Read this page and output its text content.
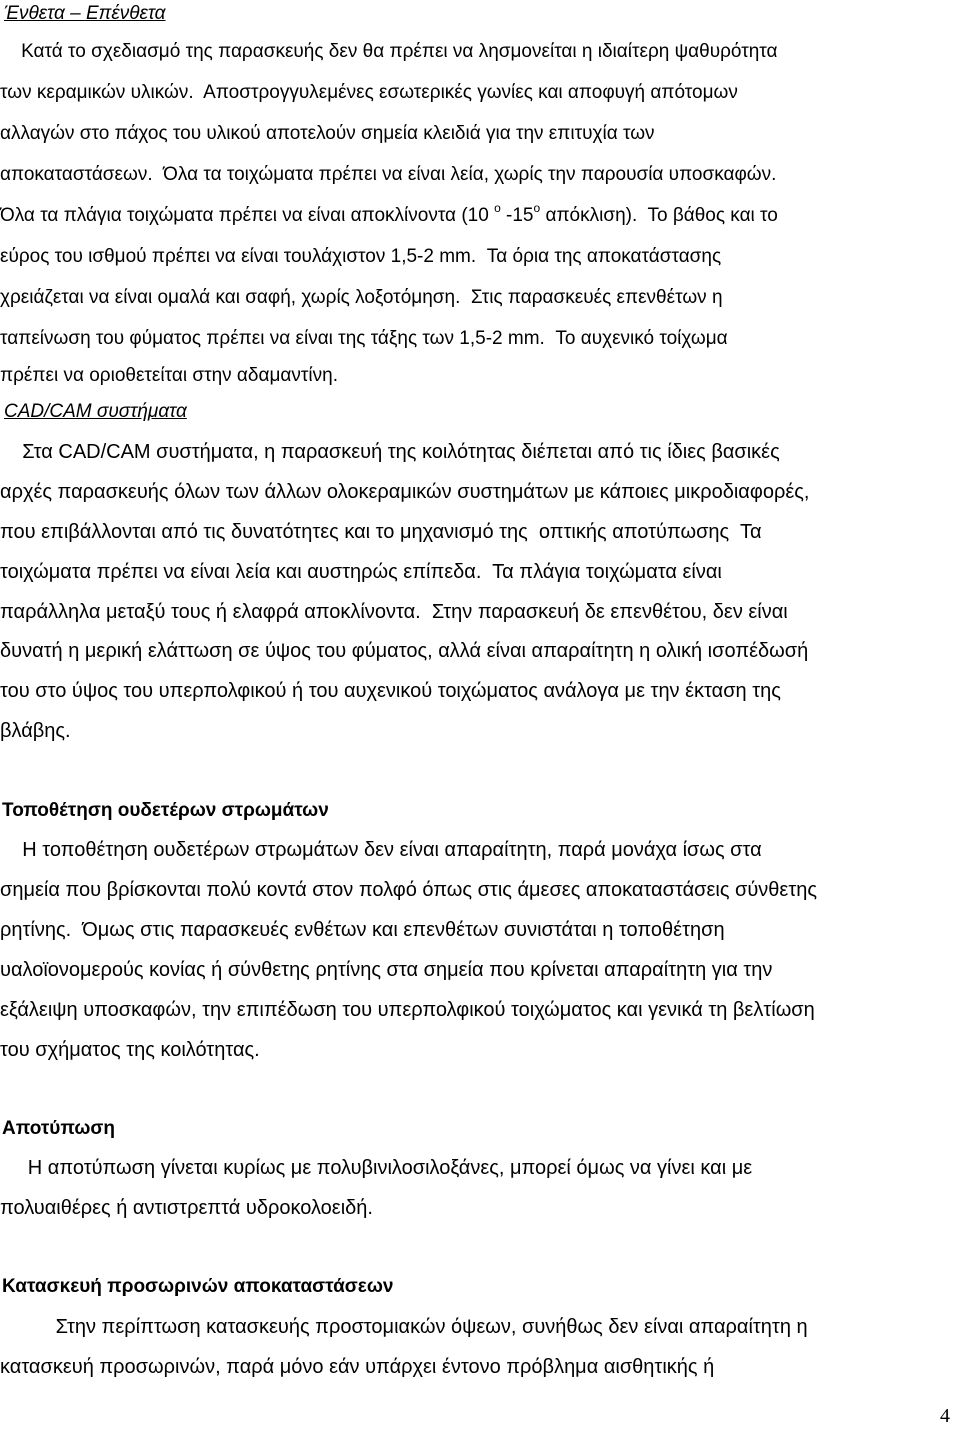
Ένθετα – Επένθετα
Κατά το σχεδιασμό της παρασκευής δεν θα πρέπει να λησμονείται η ιδιαίτερη ψαθυρότητα
των κεραμικών υλικών.  Αποστρογγυλεμένες εσωτερικές γωνίες και αποφυγή απότομων
αλλαγών στο πάχος του υλικού αποτελούν σημεία κλειδιά για την επιτυχία των
αποκαταστάσεων.  Όλα τα τοιχώματα πρέπει να είναι λεία, χωρίς την παρουσία υποσκαφών.
Όλα τα πλάγια τοιχώματα πρέπει να είναι αποκλίνοντα (10 $^o$ $-15^o$ απόκλιση).  Το βάθος και το
εύρος του ισθμού πρέπει να είναι τουλάχιστον 1,5-2 mm.  Τα όρια της αποκατάστασης
χρειάζεται να είναι ομαλά και σαφή, χωρίς λοξοτόμηση.  Στις παρασκευές επενθέτων η
ταπείνωση του φύματος πρέπει να είναι της τάξης των 1,5-2 mm.  Το αυχενικό τοίχωμα
πρέπει να οριοθετείται στην αδαμαντίνη.
CAD/CAM συστήματα
Στα CAD/CAM συστήματα, η παρασκευή της κοιλότητας διέπεται από τις ίδιες βασικές
αρχές παρασκευής όλων των άλλων ολοκεραμικών συστημάτων με κάποιες μικροδιαφορές,
που επιβάλλονται από τις δυνατότητες και το μηχανισμό της  οπτικής αποτύπωσης  Τα
τοιχώματα πρέπει να είναι λεία και αυστηρώς επίπεδα.  Τα πλάγια τοιχώματα είναι
παράλληλα μεταξύ τους ή ελαφρά αποκλίνοντα.  Στην παρασκευή δε επενθέτου, δεν είναι
δυνατή η μερική ελάττωση σε ύψος του φύματος, αλλά είναι απαραίτητη η ολική ισοπέδωσή
του στο ύψος του υπερπολφικού ή του αυχενικού τοιχώματος ανάλογα με την έκταση της
βλάβης.
Τοποθέτηση ουδετέρων στρωμάτων
Η τοποθέτηση ουδετέρων στρωμάτων δεν είναι απαραίτητη, παρά μονάχα ίσως στα
σημεία που βρίσκονται πολύ κοντά στον πολφό όπως στις άμεσες αποκαταστάσεις σύνθετης
ρητίνης.  Όμως στις παρασκευές ενθέτων και επενθέτων συνιστάται η τοποθέτηση
υαλοϊονομερούς κονίας ή σύνθετης ρητίνης στα σημεία που κρίνεται απαραίτητη για την
εξάλειψη υποσκαφών, την επιπέδωση του υπερπολφικού τοιχώματος και γενικά τη βελτίωση
του σχήματος της κοιλότητας.
Αποτύπωση
Η αποτύπωση γίνεται κυρίως με πολυβινιλοσιλοξάνες, μπορεί όμως να γίνει και με
πολυαιθέρες ή αντιστρεπτά υδροκολοειδή.
Κατασκευή προσωρινών αποκαταστάσεων
Στην περίπτωση κατασκευής προστομιακών όψεων, συνήθως δεν είναι απαραίτητη η
κατασκευή προσωρινών, παρά μόνο εάν υπάρχει έντονο πρόβλημα αισθητικής ή
4
